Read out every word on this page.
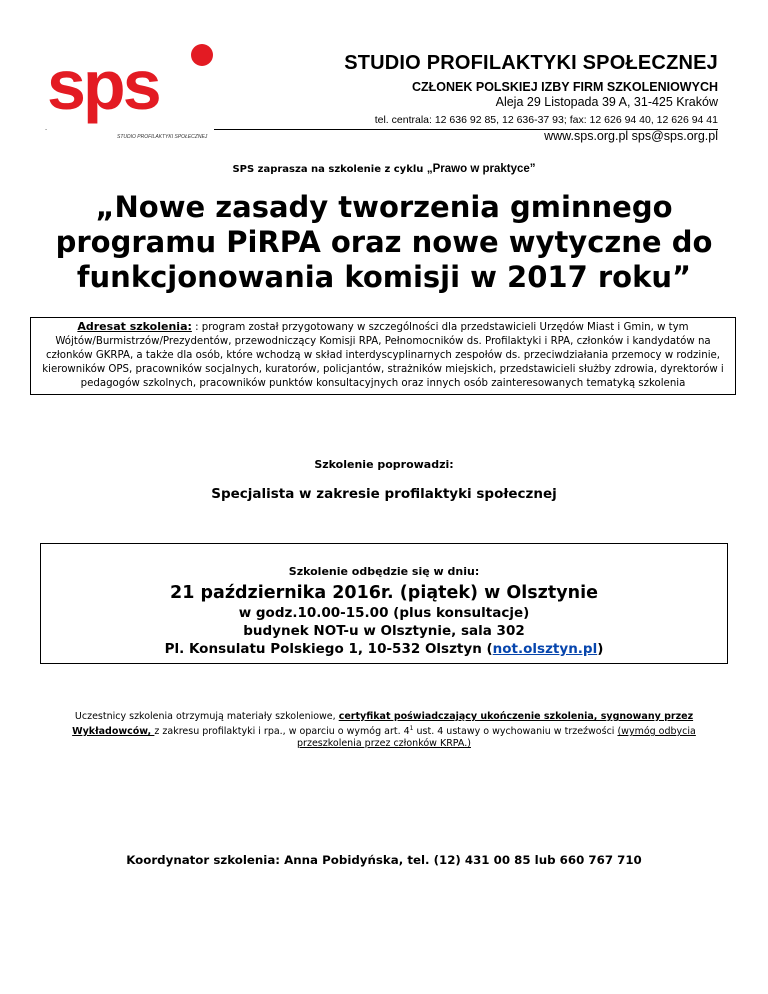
sps
-
STUDIO PROFILAKTYKI SPOŁECZNEJ
STUDIO PROFILAKTYKI SPOŁECZNEJ
CZŁONEK POLSKIEJ IZBY FIRM SZKOLENIOWYCH
Aleja 29 Listopada 39 A, 31-425 Kraków
tel. centrala: 12 636 92 85, 12 636-37 93; fax: 12 626 94 40, 12 626 94 41
www.sps.org.pl sps@sps.org.pl
SPS zaprasza na szkolenie z cyklu „Prawo w praktyce”
„Nowe zasady tworzenia gminnego programu PiRPA oraz nowe wytyczne do funkcjonowania komisji w 2017 roku”
Adresat szkolenia: : program został przygotowany w szczególności dla przedstawicieli Urzędów Miast i Gmin, w tym Wójtów/Burmistrzów/Prezydentów, przewodniczący Komisji RPA, Pełnomocników ds. Profilaktyki i RPA, członków i kandydatów na członków GKRPA, a także dla osób, które wchodzą w skład interdyscyplinarnych zespołów ds. przeciwdziałania przemocy w rodzinie, kierowników OPS, pracowników socjalnych, kuratorów, policjantów, strażników miejskich, przedstawicieli służby zdrowia, dyrektorów i pedagogów szkolnych, pracowników punktów konsultacyjnych oraz innych osób zainteresowanych tematyką szkolenia
Szkolenie poprowadzi:
Specjalista w zakresie profilaktyki społecznej
Szkolenie odbędzie się w dniu:
21 października 2016r. (piątek) w Olsztynie
w godz.10.00-15.00 (plus konsultacje)
budynek NOT-u w Olsztynie, sala 302
Pl. Konsulatu Polskiego 1, 10-532 Olsztyn (not.olsztyn.pl)
Uczestnicy szkolenia otrzymują materiały szkoleniowe, certyfikat poświadczający ukończenie szkolenia, sygnowany przez Wykładowców, z zakresu profilaktyki i rpa., w oparciu o wymóg art. $4^1$ ust. 4 ustawy o wychowaniu w trzeźwości (wymóg odbycia przeszkolenia przez członków KRPA.)
Koordynator szkolenia: Anna Pobidyńska, tel. (12) 431 00 85 lub 660 767 710
